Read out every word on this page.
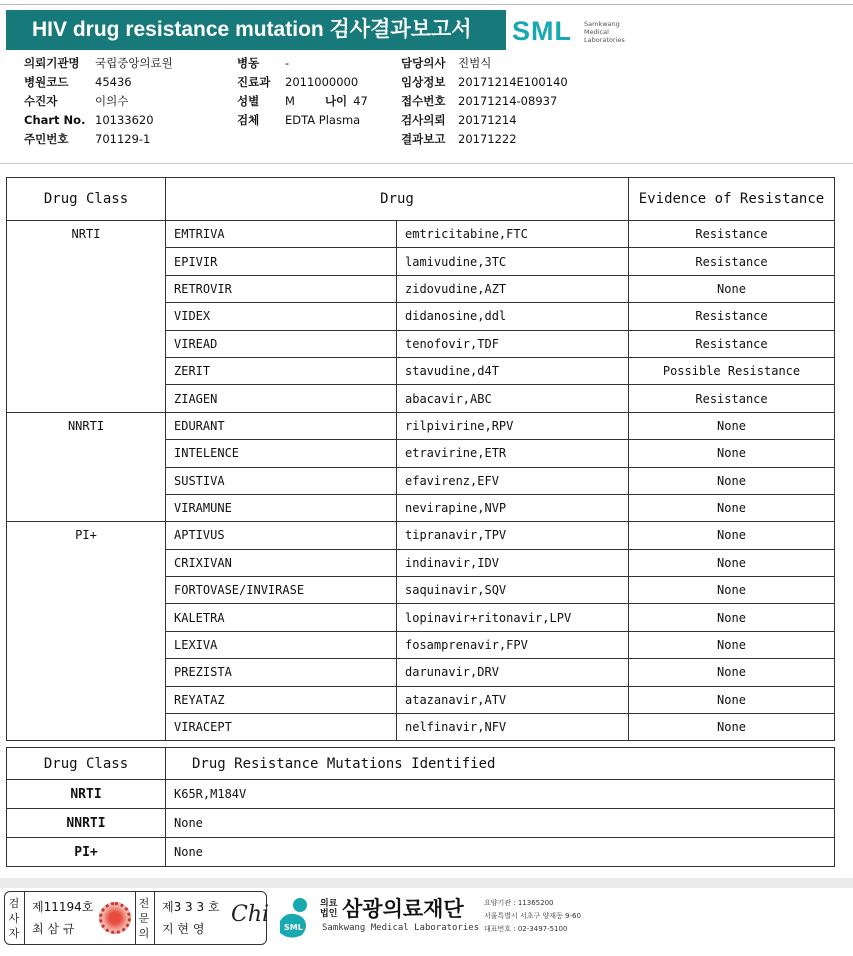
HIV drug resistance mutation 검사결과보고서	SML Samkwang
Medical
Laboratories
의뢰기관명	국립중앙의료원
병원코드	45436
수진자	이의수
Chart No. 10133620
주민번호	701129-1
병동	-
진료과	2011000000
성별	M	나이 47
검체	EDTA Plasma
담당의사	진범식
임상정보	20171214E100140
접수번호	20171214-08937
검사의뢰	20171214
결과보고	20171222
Drug Class	Drug		Evidence of Resistance
NRTI	EMTRIVA	emtricitabine,FTC	Resistance
	EPIVIR	lamivudine,3TC	Resistance
	RETROVIR	zidovudine,AZT	None
	VIDEX	didanosine,ddl	Resistance
	VIREAD	tenofovir,TDF	Resistance
	ZERIT	stavudine,d4T	Possible Resistance
	ZIAGEN	abacavir,ABC	Resistance
NNRTI	EDURANT	rilpivirine,RPV	None
	INTELENCE	etravirine,ETR	None
	SUSTIVA	efavirenz,EFV	None
	VIRAMUNE	nevirapine,NVP	None
PI+	APTIVUS	tipranavir,TPV	None
	CRIXIVAN	indinavir,IDV	None
	FORTOVASE/INVIRASE	saquinavir,SQV	None
	KALETRA	lopinavir+ritonavir,LPV	None
	LEXIVA	fosamprenavir,FPV	None
	PREZISTA	darunavir,DRV	None
	REYATAZ	atazanavir,ATV	None
	VIRACEPT	nelfinavir,NFV	None
Drug Class	Drug Resistance Mutations Identified
NRTI	K65R,M184V
NNRTI	None
PI+	None
검
사
자
제11194호
최 삼 규
전
문
의
제3 3 3 호
지 현 영
Chi
SML
의료
법인 삼광의료재단
Samkwang Medical Laboratories
요양기관 : 11365200
서울특별시 서초구 양재동 9-60
대표번호 : 02-3497-5100
